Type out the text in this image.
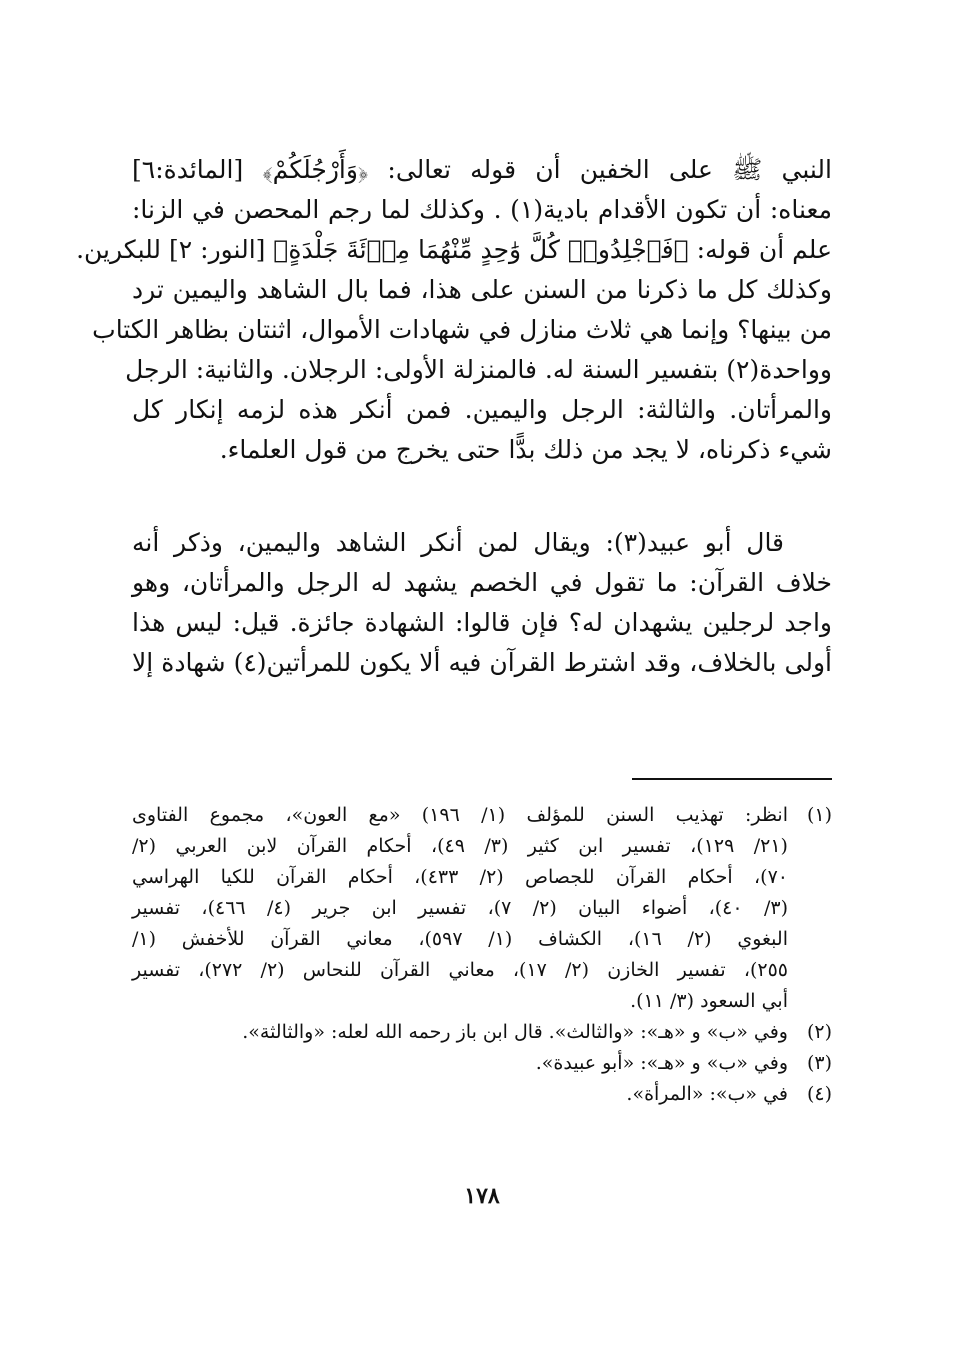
النبي ﷺ على الخفين أن قوله تعالى: ﴿وَأَرْجُلَكُمْ﴾ [المائدة:٦]
معناه: أن تكون الأقدام بادية(١) . وكذلك لما رجم المحصن في الزنا:
علم أن قوله: ﴿فَٱجْلِدُوا۟ كُلَّ وَٰحِدٍ مِّنْهُمَا مِا۟ئَةَ جَلْدَةٍ﴾ [النور: ٢] للبكرين.
وكذلك كل ما ذكرنا من السنن على هذا، فما بال الشاهد واليمين ترد
من بينها؟ وإنما هي ثلاث منازل في شهادات الأموال، اثنتان بظاهر الكتاب
وواحدة(٢) بتفسير السنة له. فالمنزلة الأولى: الرجلان. والثانية: الرجل
والمرأتان. والثالثة: الرجل واليمين. فمن أنكر هذه لزمه إنكار كل
شيء ذكرناه، لا يجد من ذلك بدًّا حتى يخرج من قول العلماء.
قال أبو عبيد(٣): ويقال لمن أنكر الشاهد واليمين، وذكر أنه
خلاف القرآن: ما تقول في الخصم يشهد له الرجل والمرأتان، وهو
واجد لرجلين يشهدان له؟ فإن قالوا: الشهادة جائزة. قيل: ليس هذا
أولى بالخلاف، وقد اشترط القرآن فيه ألا يكون للمرأتين(٤) شهادة إلا
(١)
انظر: تهذيب السنن للمؤلف (١/ ١٩٦) «مع العون»، مجموع الفتاوى
(٢١/ ١٢٩)، تفسير ابن كثير (٣/ ٤٩)، أحكام القرآن لابن العربي (٢/
٧٠)، أحكام القرآن للجصاص (٢/ ٤٣٣)، أحكام القرآن للكيا الهراسي
(٣/ ٤٠)، أضواء البيان (٢/ ٧)، تفسير ابن جرير (٤/ ٤٦٦)، تفسير
البغوي (٢/ ١٦)، الكشاف (١/ ٥٩٧)، معاني القرآن للأخفش (١/
٢٥٥)، تفسير الخازن (٢/ ١٧)، معاني القرآن للنحاس (٢/ ٢٧٢)، تفسير
أبي السعود (٣/ ١١).
(٢)
وفي «ب» و «هـ»: «والثالث». قال ابن باز رحمه الله لعله: «والثالثة».
(٣)
وفي «ب» و «هـ»: «أبو عبيدة».
(٤)
في «ب»: «المرأة».
١٧٨
